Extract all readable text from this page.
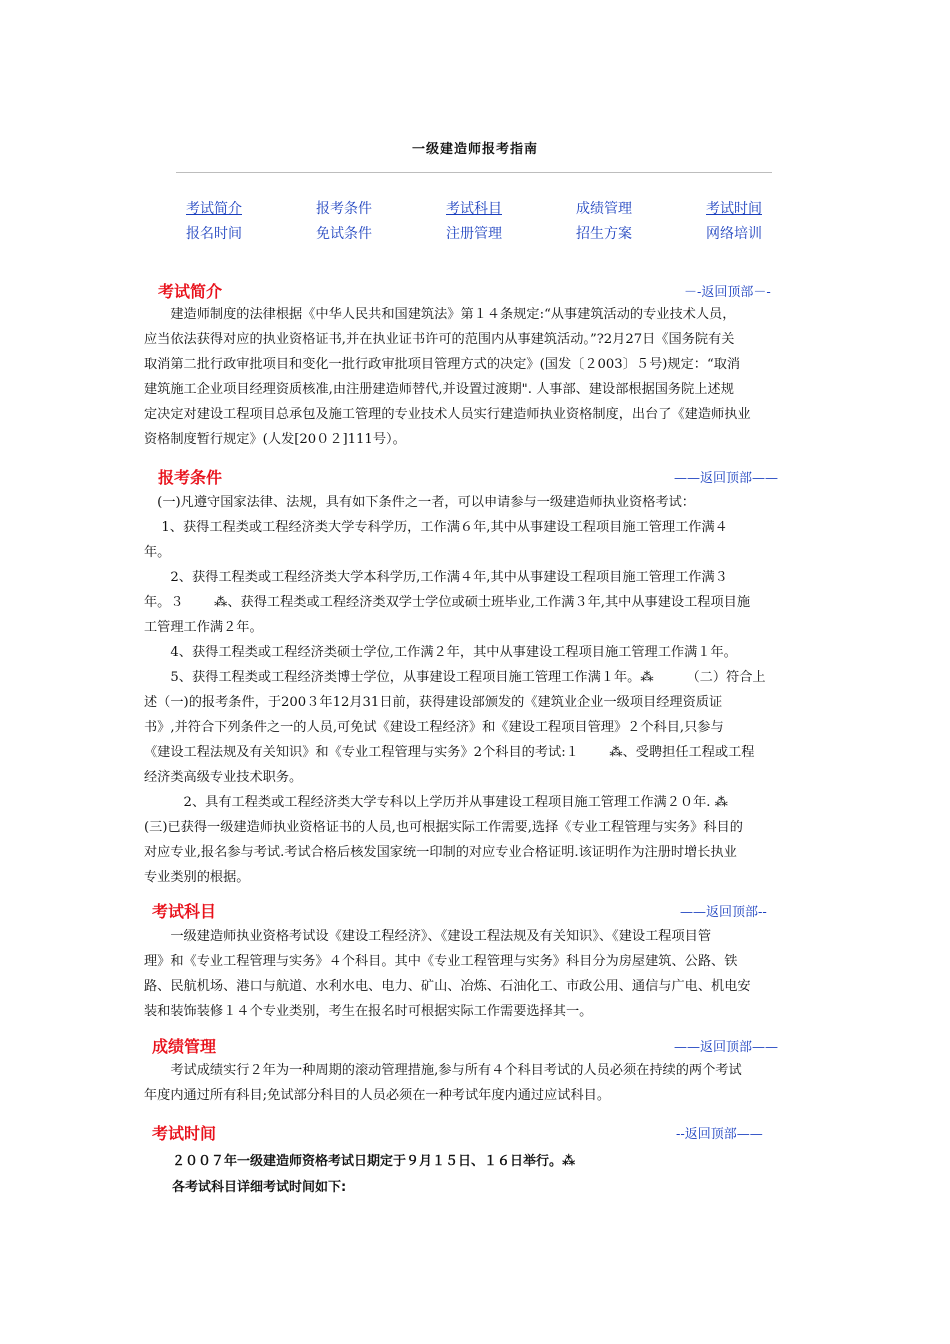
一级建造师报考指南
考试简介	报考条件	考试科目	成绩管理	考试时间
报名时间	免试条件	注册管理	招生方案	网络培训
考试简介	－-返回顶部－-

　　建造师制度的法律根据《中华人民共和国建筑法》第１４条规定:“从事建筑活动的专业技术人员，

应当依法获得对应的执业资格证书,并在执业证书许可的范围内从事建筑活动。”?2月27日《国务院有关

取消第二批行政审批项目和变化一批行政审批项目管理方式的决定》(国发〔２003〕５号)规定：“取消

建筑施工企业项目经理资质核准,由注册建造师替代,并设置过渡期". 人事部、建设部根据国务院上述规

定决定对建设工程项目总承包及施工管理的专业技术人员实行建造师执业资格制度，出台了《建造师执业

资格制度暂行规定》(人发[20０２]111号）。

报考条件	——返回顶部——

　(一)凡遵守国家法律、法规，具有如下条件之一者，可以申请参与一级建造师执业资格考试：

　 1、获得工程类或工程经济类大学专科学历，工作满６年,其中从事建设工程项目施工管理工作满４

年。

　　2、获得工程类或工程经济类大学本科学历,工作满４年,其中从事建设工程项目施工管理工作满３

年。３　　 ⁂、获得工程类或工程经济类双学士学位或硕士班毕业,工作满３年,其中从事建设工程项目施

工管理工作满２年。

　　4、获得工程类或工程经济类硕士学位,工作满２年，其中从事建设工程项目施工管理工作满１年。

　　5、获得工程类或工程经济类博士学位，从事建设工程项目施工管理工作满１年。⁂　　　（二）符合上

述（一)的报考条件，于200３年12月31日前，获得建设部颁发的《建筑业企业一级项目经理资质证

书》,并符合下列条件之一的人员,可免试《建设工程经济》和《建设工程项目管理》２个科目,只参与

《建设工程法规及有关知识》和《专业工程管理与实务》2个科目的考试:１　　 ⁂、受聘担任工程或工程

经济类高级专业技术职务。

　　　2、具有工程类或工程经济类大学专科以上学历并从事建设工程项目施工管理工作满２０年. ⁂

(三)已获得一级建造师执业资格证书的人员,也可根据实际工作需要,选择《专业工程管理与实务》科目的

对应专业,报名参与考试.考试合格后核发国家统一印制的对应专业合格证明.该证明作为注册时增长执业

专业类别的根据。

考试科目	——返回顶部--

　　一级建造师执业资格考试设《建设工程经济》、《建设工程法规及有关知识》、《建设工程项目管

理》和《专业工程管理与实务》４个科目。其中《专业工程管理与实务》科目分为房屋建筑、公路、铁

路、民航机场、港口与航道、水利水电、电力、矿山、冶炼、石油化工、市政公用、通信与广电、机电安

装和装饰装修１４个专业类别，考生在报名时可根据实际工作需要选择其一。

成绩管理	——返回顶部——

　　考试成绩实行２年为一种周期的滚动管理措施,参与所有４个科目考试的人员必须在持续的两个考试

年度内通过所有科目;免试部分科目的人员必须在一种考试年度内通过应试科目。

考试时间	--返回顶部——
２００７年一级建造师资格考试日期定于９月１５日、１６日举行。⁂
各考试科目详细考试时间如下:
